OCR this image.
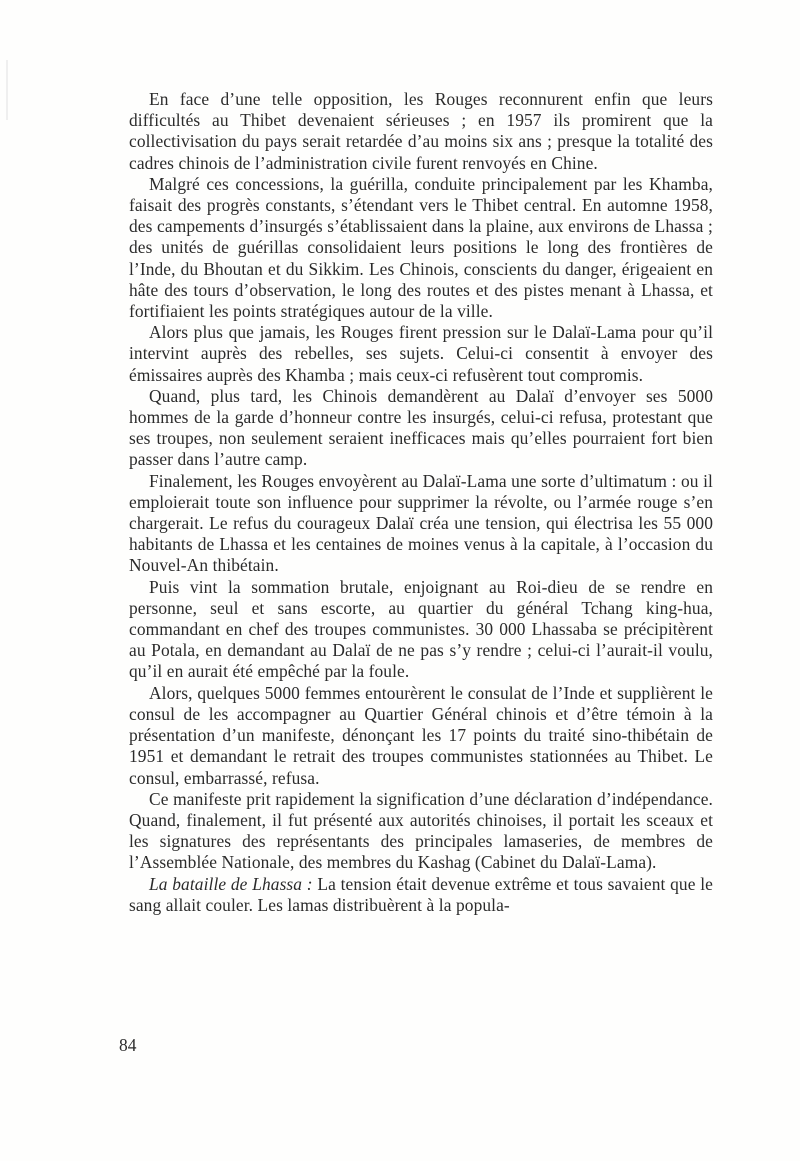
En face d’une telle opposition, les Rouges reconnurent enfin que leurs difficultés au Thibet devenaient sérieuses ; en 1957 ils promirent que la collectivisation du pays serait retardée d’au moins six ans ; presque la totalité des cadres chinois de l’administration civile furent renvoyés en Chine.

Malgré ces concessions, la guérilla, conduite principalement par les Khamba, faisait des progrès constants, s’étendant vers le Thibet central. En automne 1958, des campements d’insurgés s’établissaient dans la plaine, aux environs de Lhassa ; des unités de guérillas consolidaient leurs positions le long des frontières de l’Inde, du Bhoutan et du Sikkim. Les Chinois, conscients du danger, érigeaient en hâte des tours d’observation, le long des routes et des pistes menant à Lhassa, et fortifiaient les points stratégiques autour de la ville.

Alors plus que jamais, les Rouges firent pression sur le Dalaï-Lama pour qu’il intervint auprès des rebelles, ses sujets. Celui-ci consentit à envoyer des émissaires auprès des Khamba ; mais ceux-ci refusèrent tout compromis.

Quand, plus tard, les Chinois demandèrent au Dalaï d’envoyer ses 5000 hommes de la garde d’honneur contre les insurgés, celui-ci refusa, protestant que ses troupes, non seulement seraient inefficaces mais qu’elles pourraient fort bien passer dans l’autre camp.

Finalement, les Rouges envoyèrent au Dalaï-Lama une sorte d’ultimatum : ou il emploierait toute son influence pour supprimer la révolte, ou l’armée rouge s’en chargerait. Le refus du courageux Dalaï créa une tension, qui électrisa les 55 000 habitants de Lhassa et les centaines de moines venus à la capitale, à l’occasion du Nouvel-An thibétain.

Puis vint la sommation brutale, enjoignant au Roi-dieu de se rendre en personne, seul et sans escorte, au quartier du général Tchang king-hua, commandant en chef des troupes communistes. 30 000 Lhassaba se précipitèrent au Potala, en demandant au Dalaï de ne pas s’y rendre ; celui-ci l’aurait-il voulu, qu’il en aurait été empêché par la foule.

Alors, quelques 5000 femmes entourèrent le consulat de l’Inde et supplièrent le consul de les accompagner au Quartier Général chinois et d’être témoin à la présentation d’un manifeste, dénonçant les 17 points du traité sino-thibétain de 1951 et demandant le retrait des troupes communistes stationnées au Thibet. Le consul, embarrassé, refusa.

Ce manifeste prit rapidement la signification d’une déclaration d’indépendance. Quand, finalement, il fut présenté aux autorités chinoises, il portait les sceaux et les signatures des représentants des principales lamaseries, de membres de l’Assemblée Nationale, des membres du Kashag (Cabinet du Dalaï-Lama).

La bataille de Lhassa : La tension était devenue extrême et tous savaient que le sang allait couler. Les lamas distribuèrent à la popula-

84
